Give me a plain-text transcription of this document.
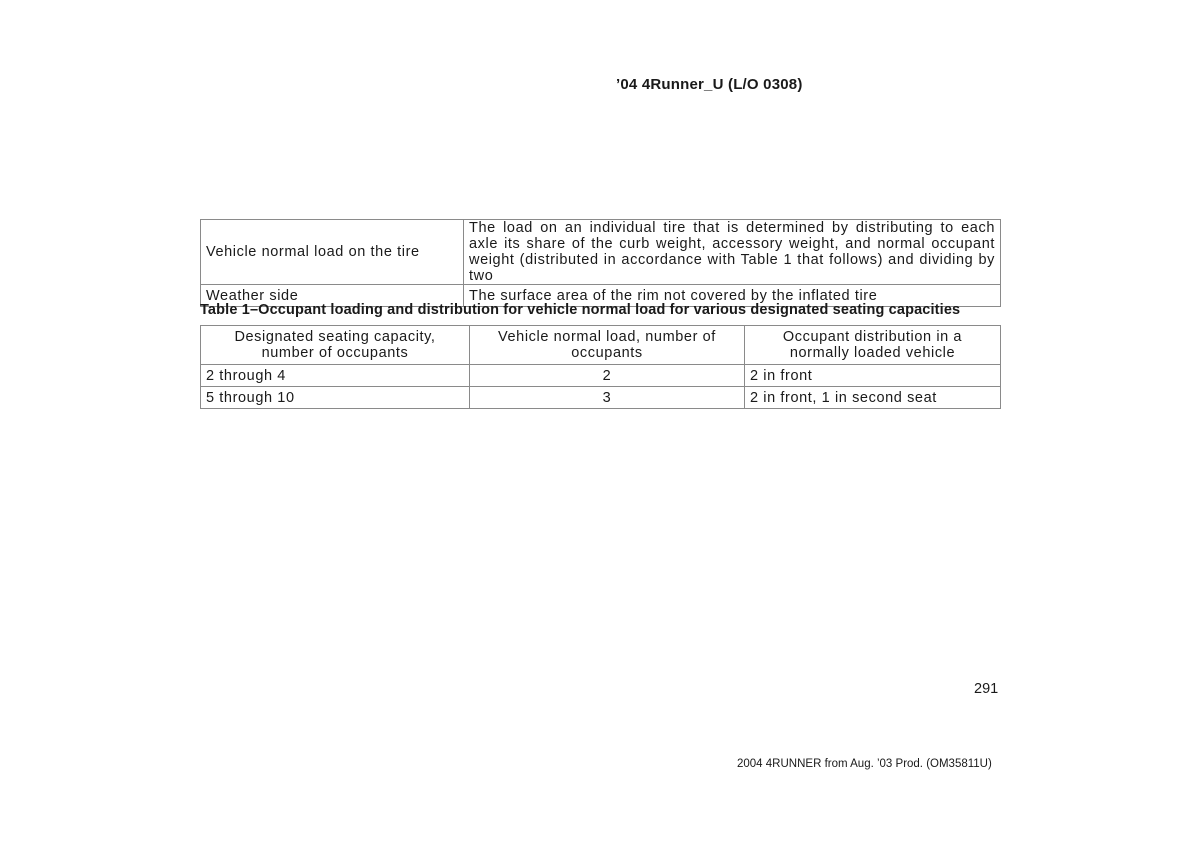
’04 4Runner_U (L/O 0308)
Vehicle normal load on the tire	The load on an individual tire that is determined by distributing to each axle its share of the curb weight, accessory weight, and normal occupant weight (distributed in accordance with Table 1 that follows) and dividing by two
Weather side	The surface area of the rim not covered by the inflated tire
Table 1–Occupant loading and distribution for vehicle normal load for various designated seating capacities
Designated seating capacity, number of occupants	Vehicle normal load, number of occupants	Occupant distribution in a normally loaded vehicle
2 through 4	2	2 in front
5 through 10	3	2 in front, 1 in second seat
291
2004 4RUNNER from Aug. ’03 Prod. (OM35811U)
